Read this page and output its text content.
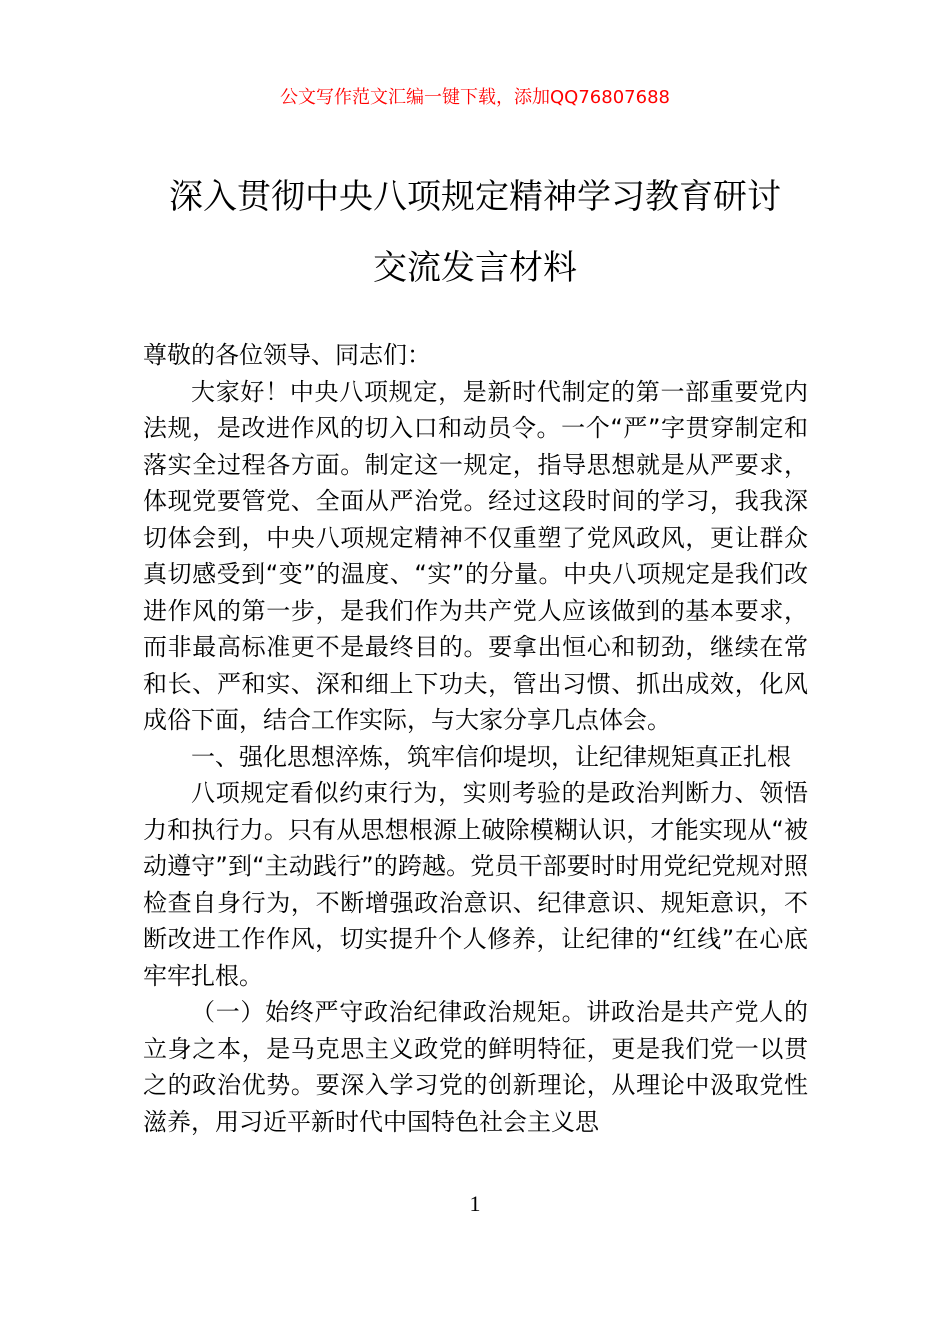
公文写作范文汇编一键下载，添加QQ76807688
深入贯彻中央八项规定精神学习教育研讨
交流发言材料

尊敬的各位领导、同志们：

大家好！中央八项规定，是新时代制定的第一部重要党内法规，是改进作风的切入口和动员令。一个“严”字贯穿制定和落实全过程各方面。制定这一规定，指导思想就是从严要求，体现党要管党、全面从严治党。经过这段时间的学习，我我深切体会到，中央八项规定精神不仅重塑了党风政风，更让群众真切感受到“变”的温度、“实”的分量。中央八项规定是我们改进作风的第一步，是我们作为共产党人应该做到的基本要求，而非最高标准更不是最终目的。要拿出恒心和韧劲，继续在常和长、严和实、深和细上下功夫，管出习惯、抓出成效，化风成俗下面，结合工作实际，与大家分享几点体会。

一、强化思想淬炼，筑牢信仰堤坝，让纪律规矩真正扎根

八项规定看似约束行为，实则考验的是政治判断力、领悟力和执行力。只有从思想根源上破除模糊认识，才能实现从“被动遵守”到“主动践行”的跨越。党员干部要时时用党纪党规对照检查自身行为，不断增强政治意识、纪律意识、规矩意识，不断改进工作作风，切实提升个人修养，让纪律的“红线”在心底牢牢扎根。

（一）始终严守政治纪律政治规矩。讲政治是共产党人的立身之本，是马克思主义政党的鲜明特征，更是我们党一以贯之的政治优势。要深入学习党的创新理论，从理论中汲取党性滋养，用习近平新时代中国特色社会主义思

1
